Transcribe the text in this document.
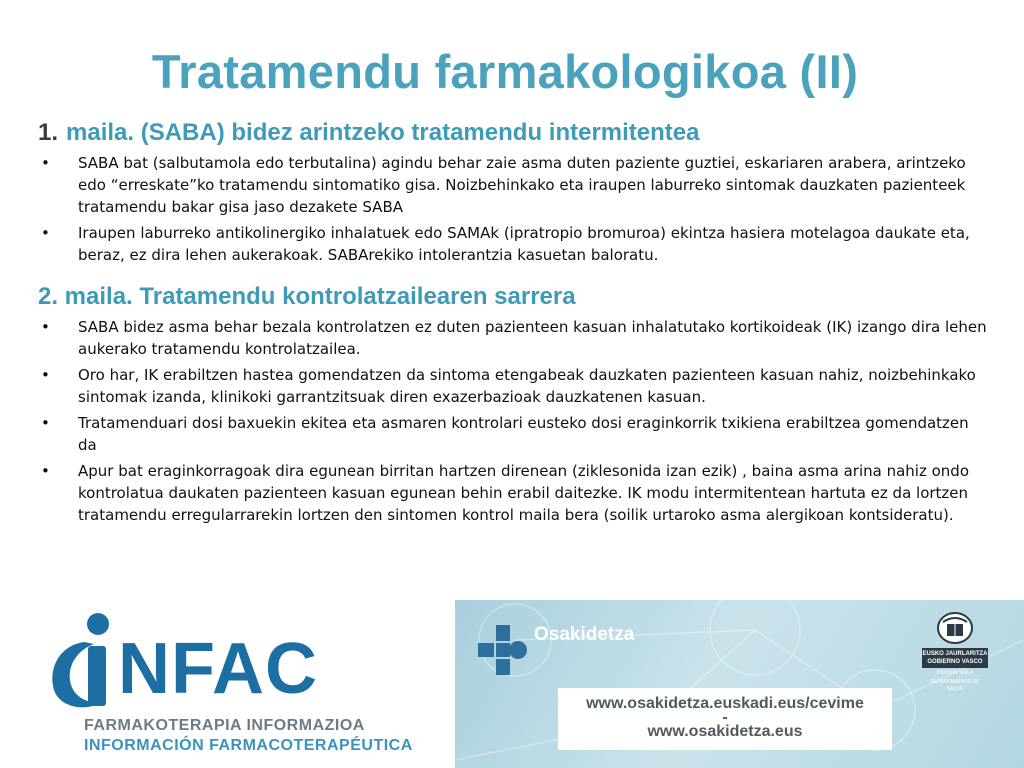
Tratamendu farmakologikoa (II)
1. maila. (SABA) bidez arintzeko tratamendu intermitentea
• SABA bat (salbutamola edo terbutalina) agindu behar zaie asma duten paziente guztiei, eskariaren arabera, arintzeko edo “erreskate”ko tratamendu sintomatiko gisa. Noizbehinkako eta iraupen laburreko sintomak dauzkaten pazienteek tratamendu bakar gisa jaso dezakete SABA
• Iraupen laburreko antikolinergiko inhalatuek edo SAMAk (ipratropio bromuroa) ekintza hasiera motelagoa daukate eta, beraz, ez dira lehen aukerakoak. SABArekiko intolerantzia kasuetan baloratu.
2. maila. Tratamendu kontrolatzailearen sarrera
• SABA bidez asma behar bezala kontrolatzen ez duten pazienteen kasuan inhalatutako kortikoideak (IK) izango dira lehen aukerako tratamendu kontrolatzailea.
• Oro har, IK erabiltzen hastea gomendatzen da sintoma etengabeak dauzkaten pazienteen kasuan nahiz, noizbehinkako sintomak izanda, klinikoki garrantzitsuak diren exazerbazioak dauzkatenen kasuan.
• Tratamenduari dosi baxuekin ekitea eta asmaren kontrolari eusteko dosi eraginkorrik txikiena erabiltzea gomendatzen da
• Apur bat eraginkorragoak dira egunean birritan hartzen direnean (ziklesonida izan ezik) , baina asma arina nahiz ondo kontrolatua daukaten pazienteen kasuan egunean behin erabil daitezke. IK modu intermitentean hartuta ez da lortzen tratamendu erregularrarekin lortzen den sintomen kontrol maila bera (soilik urtaroko asma alergikoan kontsideratu).
NFAC
FARMAKOTERAPIA INFORMAZIOA
INFORMACIÓN FARMACOTERAPÉUTICA
Osakidetza
www.osakidetza.euskadi.eus/cevime
-
www.osakidetza.eus
EUSKO JAURLARITZA
GOBIERNO VASCO
OSASUN SAILA
DEPARTAMENTO DE SALUD
